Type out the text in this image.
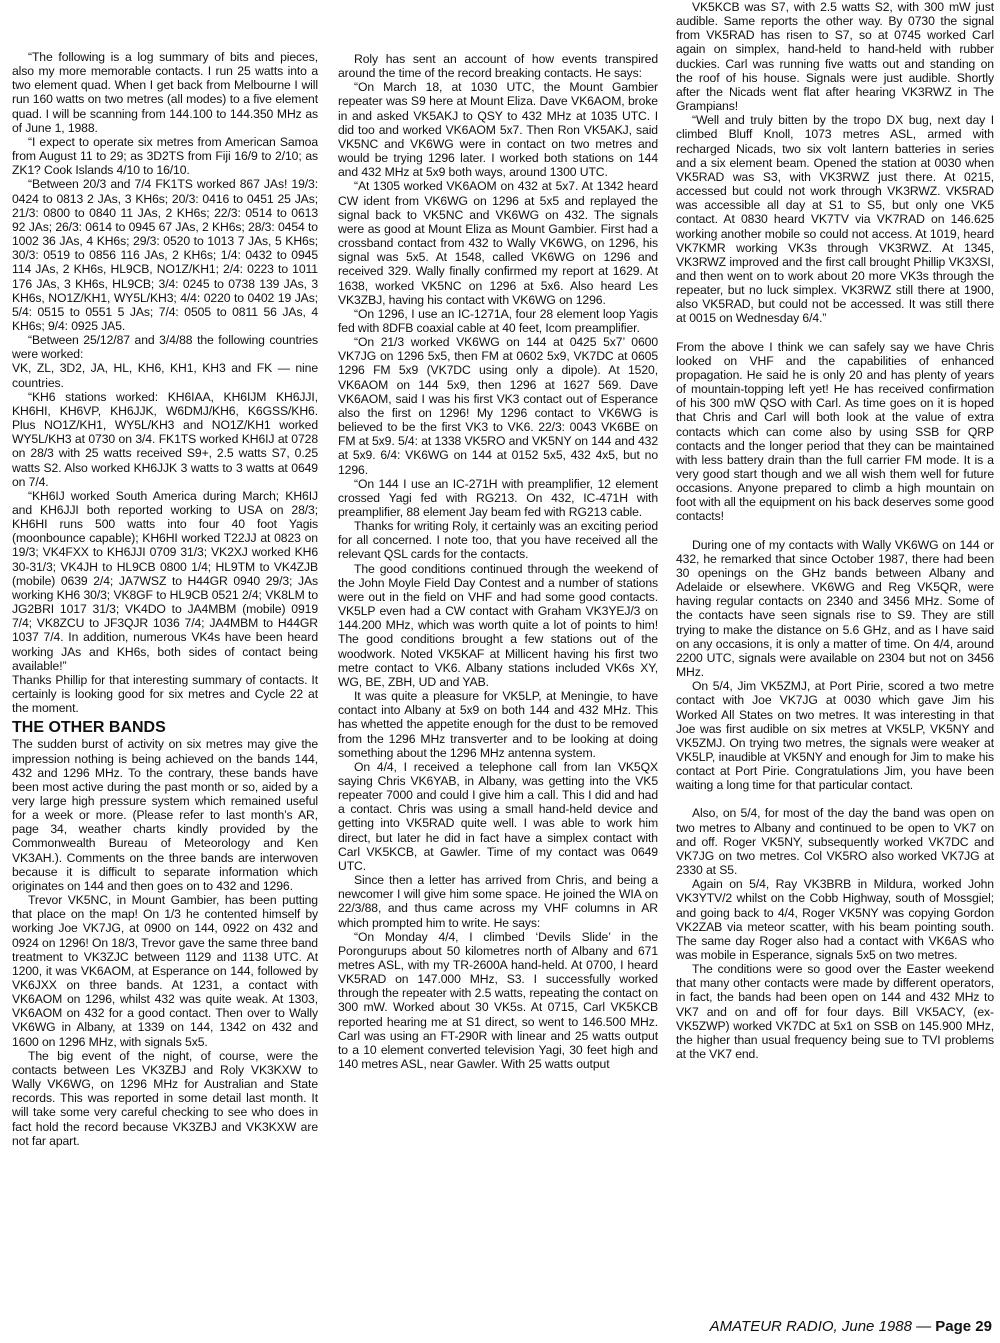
“The following is a log summary of bits and pieces, also my more memorable contacts. I run 25 watts into a two element quad. When I get back from Melbourne I will run 160 watts on two metres (all modes) to a five element quad. I will be scanning from 144.100 to 144.350 MHz as of June 1, 1988.

“I expect to operate six metres from American Samoa from August 11 to 29; as 3D2TS from Fiji 16/9 to 2/10; as ZK1? Cook Islands 4/10 to 16/10.

“Between 20/3 and 7/4 FK1TS worked 867 JAs! 19/3: 0424 to 0813 2 JAs, 3 KH6s; 20/3: 0416 to 0451 25 JAs; 21/3: 0800 to 0840 11 JAs, 2 KH6s; 22/3: 0514 to 0613 92 JAs; 26/3: 0614 to 0945 67 JAs, 2 KH6s; 28/3: 0454 to 1002 36 JAs, 4 KH6s; 29/3: 0520 to 1013 7 JAs, 5 KH6s; 30/3: 0519 to 0856 116 JAs, 2 KH6s; 1/4: 0432 to 0945 114 JAs, 2 KH6s, HL9CB, NO1Z/KH1; 2/4: 0223 to 1011 176 JAs, 3 KH6s, HL9CB; 3/4: 0245 to 0738 139 JAs, 3 KH6s, NO1Z/KH1, WY5L/KH3; 4/4: 0220 to 0402 19 JAs; 5/4: 0515 to 0551 5 JAs; 7/4: 0505 to 0811 56 JAs, 4 KH6s; 9/4: 0925 JA5.

“Between 25/12/87 and 3/4/88 the following countries were worked:

VK, ZL, 3D2, JA, HL, KH6, KH1, KH3 and FK — nine countries.

“KH6 stations worked: KH6IAA, KH6IJM KH6JJI, KH6HI, KH6VP, KH6JJK, W6DMJ/KH6, K6GSS/KH6. Plus NO1Z/KH1, WY5L/KH3 and NO1Z/KH1 worked WY5L/KH3 at 0730 on 3/4. FK1TS worked KH6IJ at 0728 on 28/3 with 25 watts received S9+, 2.5 watts S7, 0.25 watts S2. Also worked KH6JJK 3 watts to 3 watts at 0649 on 7/4.

“KH6IJ worked South America during March; KH6IJ and KH6JJI both reported working to USA on 28/3; KH6HI runs 500 watts into four 40 foot Yagis (moonbounce capable); KH6HI worked T22JJ at 0823 on 19/3; VK4FXX to KH6JJI 0709 31/3; VK2XJ worked KH6 30-31/3; VK4JH to HL9CB 0800 1/4; HL9TM to VK4ZJB (mobile) 0639 2/4; JA7WSZ to H44GR 0940 29/3; JAs working KH6 30/3; VK8GF to HL9CB 0521 2/4; VK8LM to JG2BRI 1017 31/3; VK4DO to JA4MBM (mobile) 0919 7/4; VK8ZCU to JF3QJR 1036 7/4; JA4MBM to H44GR 1037 7/4. In addition, numerous VK4s have been heard working JAs and KH6s, both sides of contact being available!”

Thanks Phillip for that interesting summary of contacts. It certainly is looking good for six metres and Cycle 22 at the moment.

THE OTHER BANDS

The sudden burst of activity on six metres may give the impression nothing is being achieved on the bands 144, 432 and 1296 MHz. To the contrary, these bands have been most active during the past month or so, aided by a very large high pressure system which remained useful for a week or more. (Please refer to last month’s AR, page 34, weather charts kindly provided by the Commonwealth Bureau of Meteorology and Ken VK3AH.). Comments on the three bands are interwoven because it is difficult to separate information which originates on 144 and then goes on to 432 and 1296.

Trevor VK5NC, in Mount Gambier, has been putting that place on the map! On 1/3 he contented himself by working Joe VK7JG, at 0900 on 144, 0922 on 432 and 0924 on 1296! On 18/3, Trevor gave the same three band treatment to VK3ZJC between 1129 and 1138 UTC. At 1200, it was VK6AOM, at Esperance on 144, followed by VK6JXX on three bands. At 1231, a contact with VK6AOM on 1296, whilst 432 was quite weak. At 1303, VK6AOM on 432 for a good contact. Then over to Wally VK6WG in Albany, at 1339 on 144, 1342 on 432 and 1600 on 1296 MHz, with signals 5x5.

The big event of the night, of course, were the contacts between Les VK3ZBJ and Roly VK3KXW to Wally VK6WG, on 1296 MHz for Australian and State records. This was reported in some detail last month. It will take some very careful checking to see who does in fact hold the record because VK3ZBJ and VK3KXW are not far apart.

Roly has sent an account of how events transpired around the time of the record breaking contacts. He says:

“On March 18, at 1030 UTC, the Mount Gambier repeater was S9 here at Mount Eliza. Dave VK6AOM, broke in and asked VK5AKJ to QSY to 432 MHz at 1035 UTC. I did too and worked VK6AOM 5x7. Then Ron VK5AKJ, said VK5NC and VK6WG were in contact on two metres and would be trying 1296 later. I worked both stations on 144 and 432 MHz at 5x9 both ways, around 1300 UTC.

“At 1305 worked VK6AOM on 432 at 5x7. At 1342 heard CW ident from VK6WG on 1296 at 5x5 and replayed the signal back to VK5NC and VK6WG on 432. The signals were as good at Mount Eliza as Mount Gambier. First had a crossband contact from 432 to Wally VK6WG, on 1296, his signal was 5x5. At 1548, called VK6WG on 1296 and received 329. Wally finally confirmed my report at 1629. At 1638, worked VK5NC on 1296 at 5x6. Also heard Les VK3ZBJ, having his contact with VK6WG on 1296.

“On 1296, I use an IC-1271A, four 28 element loop Yagis fed with 8DFB coaxial cable at 40 feet, Icom preamplifier.

“On 21/3 worked VK6WG on 144 at 0425 5x7’ 0600 VK7JG on 1296 5x5, then FM at 0602 5x9, VK7DC at 0605 1296 FM 5x9 (VK7DC using only a dipole). At 1520, VK6AOM on 144 5x9, then 1296 at 1627 569. Dave VK6AOM, said I was his first VK3 contact out of Esperance also the first on 1296! My 1296 contact to VK6WG is believed to be the first VK3 to VK6. 22/3: 0043 VK6BE on FM at 5x9. 5/4: at 1338 VK5RO and VK5NY on 144 and 432 at 5x9. 6/4: VK6WG on 144 at 0152 5x5, 432 4x5, but no 1296.

“On 144 I use an IC-271H with preamplifier, 12 element crossed Yagi fed with RG213. On 432, IC-471H with preamplifier, 88 element Jay beam fed with RG213 cable.

Thanks for writing Roly, it certainly was an exciting period for all concerned. I note too, that you have received all the relevant QSL cards for the contacts.

The good conditions continued through the weekend of the John Moyle Field Day Contest and a number of stations were out in the field on VHF and had some good contacts. VK5LP even had a CW contact with Graham VK3YEJ/3 on 144.200 MHz, which was worth quite a lot of points to him! The good conditions brought a few stations out of the woodwork. Noted VK5KAF at Millicent having his first two metre contact to VK6. Albany stations included VK6s XY, WG, BE, ZBH, UD and YAB.

It was quite a pleasure for VK5LP, at Meningie, to have contact into Albany at 5x9 on both 144 and 432 MHz. This has whetted the appetite enough for the dust to be removed from the 1296 MHz transverter and to be looking at doing something about the 1296 MHz antenna system.

On 4/4, I received a telephone call from Ian VK5QX saying Chris VK6YAB, in Albany, was getting into the VK5 repeater 7000 and could I give him a call. This I did and had a contact. Chris was using a small hand-held device and getting into VK5RAD quite well. I was able to work him direct, but later he did in fact have a simplex contact with Carl VK5KCB, at Gawler. Time of my contact was 0649 UTC.

Since then a letter has arrived from Chris, and being a newcomer I will give him some space. He joined the WIA on 22/3/88, and thus came across my VHF columns in AR which prompted him to write. He says:

“On Monday 4/4, I climbed ‘Devils Slide’ in the Porongurups about 50 kilometres north of Albany and 671 metres ASL, with my TR-2600A hand-held. At 0700, I heard VK5RAD on 147.000 MHz, S3. I successfully worked through the repeater with 2.5 watts, repeating the contact on 300 mW. Worked about 30 VK5s. At 0715, Carl VK5KCB reported hearing me at S1 direct, so went to 146.500 MHz. Carl was using an FT-290R with linear and 25 watts output to a 10 element converted television Yagi, 30 feet high and 140 metres ASL, near Gawler. With 25 watts output

VK5KCB was S7, with 2.5 watts S2, with 300 mW just audible. Same reports the other way. By 0730 the signal from VK5RAD has risen to S7, so at 0745 worked Carl again on simplex, hand-held to hand-held with rubber duckies. Carl was running five watts out and standing on the roof of his house. Signals were just audible. Shortly after the Nicads went flat after hearing VK3RWZ in The Grampians!

“Well and truly bitten by the tropo DX bug, next day I climbed Bluff Knoll, 1073 metres ASL, armed with recharged Nicads, two six volt lantern batteries in series and a six element beam. Opened the station at 0030 when VK5RAD was S3, with VK3RWZ just there. At 0215, accessed but could not work through VK3RWZ. VK5RAD was accessible all day at S1 to S5, but only one VK5 contact. At 0830 heard VK7TV via VK7RAD on 146.625 working another mobile so could not access. At 1019, heard VK7KMR working VK3s through VK3RWZ. At 1345, VK3RWZ improved and the first call brought Phillip VK3XSI, and then went on to work about 20 more VK3s through the repeater, but no luck simplex. VK3RWZ still there at 1900, also VK5RAD, but could not be accessed. It was still there at 0015 on Wednesday 6/4.”

From the above I think we can safely say we have Chris looked on VHF and the capabilities of enhanced propagation. He said he is only 20 and has plenty of years of mountain-topping left yet! He has received confirmation of his 300 mW QSO with Carl. As time goes on it is hoped that Chris and Carl will both look at the value of extra contacts which can come also by using SSB for QRP contacts and the longer period that they can be maintained with less battery drain than the full carrier FM mode. It is a very good start though and we all wish them well for future occasions. Anyone prepared to climb a high mountain on foot with all the equipment on his back deserves some good contacts!

During one of my contacts with Wally VK6WG on 144 or 432, he remarked that since October 1987, there had been 30 openings on the GHz bands between Albany and Adelaide or elsewhere. VK6WG and Reg VK5QR, were having regular contacts on 2340 and 3456 MHz. Some of the contacts have seen signals rise to S9. They are still trying to make the distance on 5.6 GHz, and as I have said on any occasions, it is only a matter of time. On 4/4, around 2200 UTC, signals were available on 2304 but not on 3456 MHz.

On 5/4, Jim VK5ZMJ, at Port Pirie, scored a two metre contact with Joe VK7JG at 0030 which gave Jim his Worked All States on two metres. It was interesting in that Joe was first audible on six metres at VK5LP, VK5NY and VK5ZMJ. On trying two metres, the signals were weaker at VK5LP, inaudible at VK5NY and enough for Jim to make his contact at Port Pirie. Congratulations Jim, you have been waiting a long time for that particular contact.

Also, on 5/4, for most of the day the band was open on two metres to Albany and continued to be open to VK7 on and off. Roger VK5NY, subsequently worked VK7DC and VK7JG on two metres. Col VK5RO also worked VK7JG at 2330 at S5.

Again on 5/4, Ray VK3BRB in Mildura, worked John VK3YTV/2 whilst on the Cobb Highway, south of Mossgiel; and going back to 4/4, Roger VK5NY was copying Gordon VK2ZAB via meteor scatter, with his beam pointing south. The same day Roger also had a contact with VK6AS who was mobile in Esperance, signals 5x5 on two metres.

The conditions were so good over the Easter weekend that many other contacts were made by different operators, in fact, the bands had been open on 144 and 432 MHz to VK7 and on and off for four days. Bill VK5ACY, (ex-VK5ZWP) worked VK7DC at 5x1 on SSB on 145.900 MHz, the higher than usual frequency being sue to TVI problems at the VK7 end.

AMATEUR RADIO, June 1988 — Page 29
